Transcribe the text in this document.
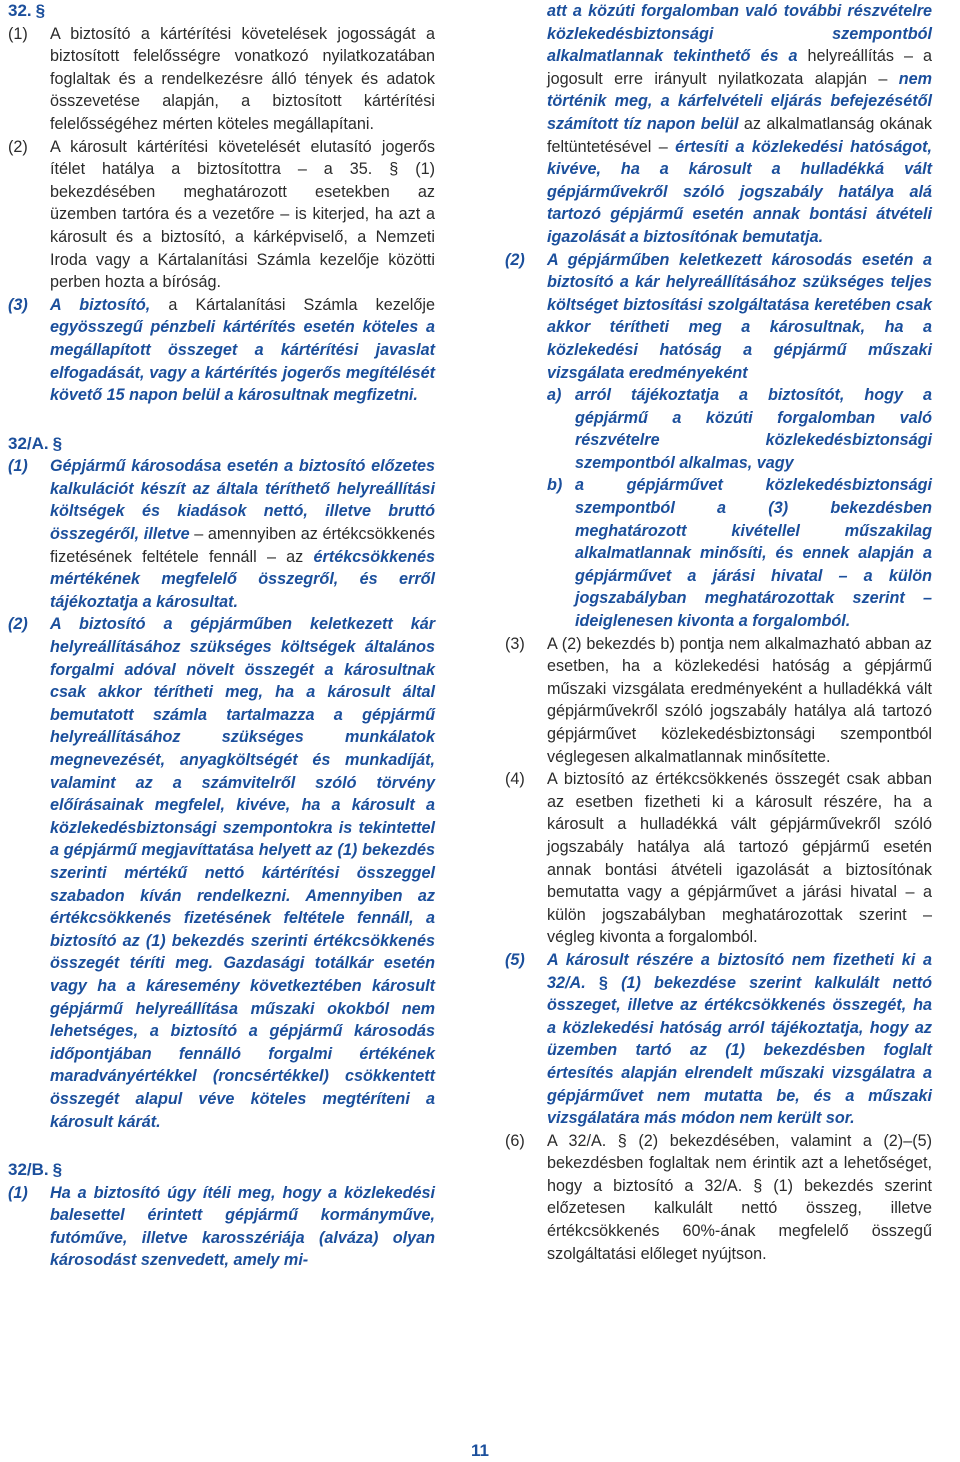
32. §
(1)	A biztosító a kártérítési követelések jogosságát a biztosított felelősségre vonatkozó nyilatkozatában foglaltak és a rendelkezésre álló tények és adatok összevetése alapján, a biztosított kártérítési felelősségéhez mérten köteles megállapítani.
(2)	A károsult kártérítési követelését elutasító jogerős ítélet hatálya a biztosítottra – a 35. § (1) bekezdésében meghatározott esetekben az üzemben tartóra és a vezetőre – is kiterjed, ha azt a károsult és a biztosító, a kárképviselő, a Nemzeti Iroda vagy a Kártalanítási Számla kezelője közötti perben hozta a bíróság.
(3)	A biztosító, a Kártalanítási Számla kezelője egyösszegű pénzbeli kártérítés esetén köteles a megállapított összeget a kártérítési javaslat elfogadását, vagy a kártérítés jogerős megítélését követő 15 napon belül a károsultnak megfizetni.
32/A. §
(1)	Gépjármű károsodása esetén a biztosító előzetes kalkulációt készít az általa téríthető helyreállítási költségek és kiadások nettó, illetve bruttó összegéről, illetve – amennyiben az értékcsökkenés fizetésének feltétele fennáll – az értékcsökkenés mértékének megfelelő összegről, és erről tájékoztatja a károsultat.
(2)	A biztosító a gépjárműben keletkezett kár helyreállításához szükséges költségek általános forgalmi adóval növelt összegét a károsultnak csak akkor térítheti meg, ha a károsult által bemutatott számla tartalmazza a gépjármű helyreállításához szükséges munkálatok megnevezését, anyagköltségét és munkadíját, valamint az a számvitelről szóló törvény előírásainak megfelel, kivéve, ha a károsult a közlekedésbiztonsági szempontokra is tekintettel a gépjármű megjavíttatása helyett az (1) bekezdés szerinti mértékű nettó kártérítési összeggel szabadon kíván rendelkezni. Amennyiben az értékcsökkenés fizetésének feltétele fennáll, a biztosító az (1) bekezdés szerinti értékcsökkenés összegét téríti meg. Gazdasági totálkár esetén vagy ha a káresemény következtében károsult gépjármű helyreállítása műszaki okokból nem lehetséges, a biztosító a gépjármű károsodás időpontjában fennálló forgalmi értékének maradványértékkel (roncsértékkel) csökkentett összegét alapul véve köteles megtéríteni a károsult kárát.
32/B. §
(1)	Ha a biztosító úgy ítéli meg, hogy a közlekedési balesettel érintett gépjármű kormányműve, futóműve, illetve karosszériája (alváza) olyan károsodást szenvedett, amely mi-
att a közúti forgalomban való további részvételre közlekedésbiztonsági szempontból alkalmatlannak tekinthető és a helyreállítás – a jogosult erre irányult nyilatkozata alapján – nem történik meg, a kárfelvételi eljárás befejezésétől számított tíz napon belül az alkalmatlanság okának feltüntetésével – értesíti a közlekedési hatóságot, kivéve, ha a károsult a hulladékká vált gépjárművekről szóló jogszabály hatálya alá tartozó gépjármű esetén annak bontási átvételi igazolását a biztosítónak bemutatja.
(2)	A gépjárműben keletkezett károsodás esetén a biztosító a kár helyreállításához szükséges teljes költséget biztosítási szolgáltatása keretében csak akkor térítheti meg a károsultnak, ha a közlekedési hatóság a gépjármű műszaki vizsgálata eredményeként
a) arról tájékoztatja a biztosítót, hogy a gépjármű a közúti forgalomban való részvételre közlekedésbiztonsági szempontból alkalmas, vagy
b) a gépjárművet közlekedésbiztonsági szempontból a (3) bekezdésben meghatározott kivétellel műszakilag alkalmatlannak minősíti, és ennek alapján a gépjárművet a járási hivatal – a külön jogszabályban meghatározottak szerint – ideiglenesen kivonta a forgalomból.
(3)	A (2) bekezdés b) pontja nem alkalmazható abban az esetben, ha a közlekedési hatóság a gépjármű műszaki vizsgálata eredményeként a hulladékká vált gépjárművekről szóló jogszabály hatálya alá tartozó gépjárművet közlekedésbiztonsági szempontból véglegesen alkalmatlannak minősítette.
(4)	A biztosító az értékcsökkenés összegét csak abban az esetben fizetheti ki a károsult részére, ha a károsult a hulladékká vált gépjárművekről szóló jogszabály hatálya alá tartozó gépjármű esetén annak bontási átvételi igazolását a biztosítónak bemutatta vagy a gépjárművet a járási hivatal – a külön jogszabályban meghatározottak szerint – végleg kivonta a forgalomból.
(5)	A károsult részére a biztosító nem fizetheti ki a 32/A. § (1) bekezdése szerint kalkulált nettó összeget, illetve az értékcsökkenés összegét, ha a közlekedési hatóság arról tájékoztatja, hogy az üzemben tartó az (1) bekezdésben foglalt értesítés alapján elrendelt műszaki vizsgálatra a gépjárművet nem mutatta be, és a műszaki vizsgálatára más módon nem került sor.
(6)	A 32/A. § (2) bekezdésében, valamint a (2)–(5) bekezdésben foglaltak nem érintik azt a lehetőséget, hogy a biztosító a 32/A. § (1) bekezdés szerint előzetesen kalkulált nettó összeg, illetve értékcsökkenés 60%-ának megfelelő összegű szolgáltatási előleget nyújtson.
11
